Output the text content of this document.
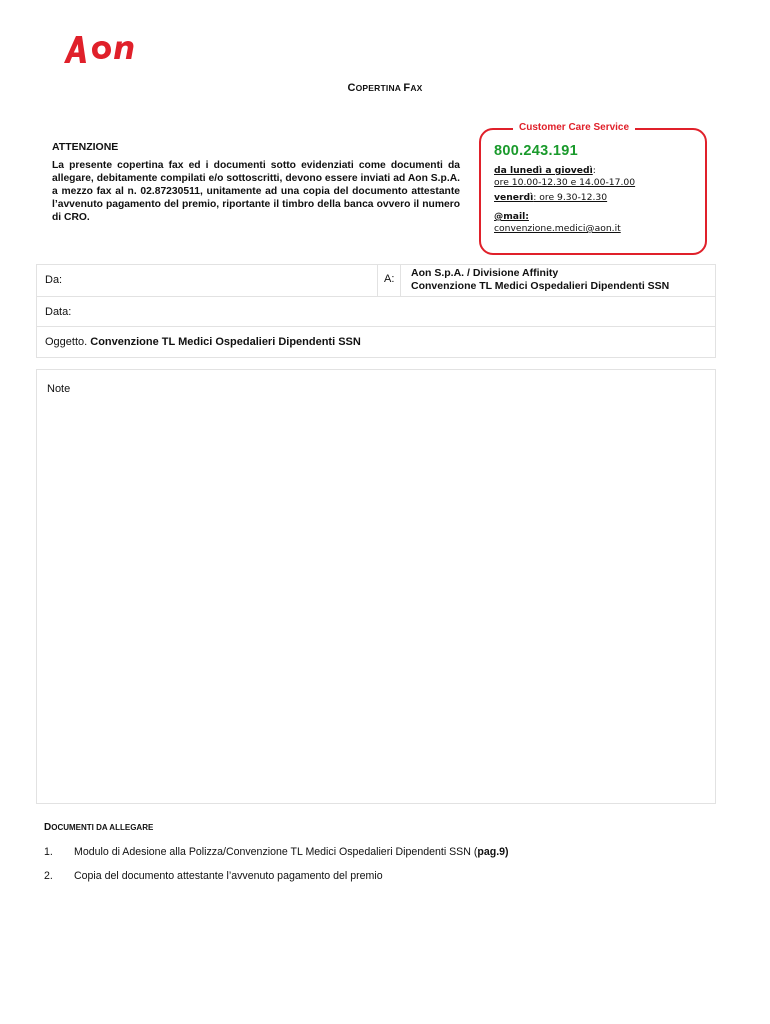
COPERTINA FAX
ATTENZIONE
La presente copertina fax ed i documenti sotto evidenziati come documenti da allegare, debitamente compilati e/o sottoscritti, devono essere inviati ad Aon S.p.A. a mezzo fax al n. 02.87230511, unitamente ad una copia del documento attestante l’avvenuto pagamento del premio, riportante il timbro della banca ovvero il numero di CRO.
Customer Care Service
800.243.191
da lunedì a giovedì:
ore 10.00-12.30 e 14.00-17.00
venerdì: ore 9.30-12.30
@mail:
convenzione.medici@aon.it
Da:	A: Aon S.p.A. / Divisione Affinity
Convenzione TL Medici Ospedalieri Dipendenti SSN
Data:
Oggetto. Convenzione TL Medici Ospedalieri Dipendenti SSN
Note
DOCUMENTI DA ALLEGARE
1. Modulo di Adesione alla Polizza/Convenzione TL Medici Ospedalieri Dipendenti SSN (pag.9)
2. Copia del documento attestante l’avvenuto pagamento del premio
